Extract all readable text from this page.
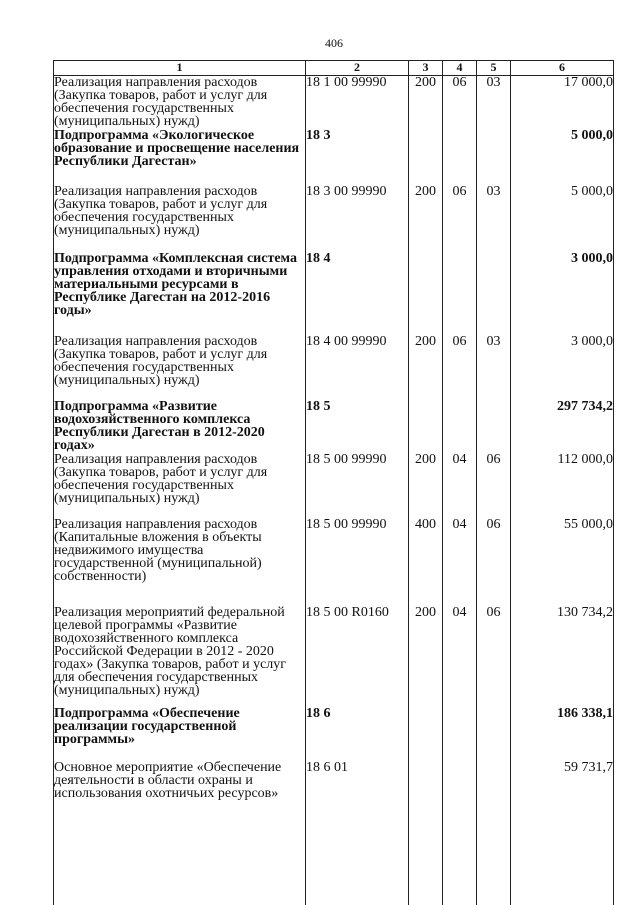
406
1	2	3	4	5	6
Реализация направления расходов (Закупка товаров, работ и услуг для обеспечения государственных (муниципальных) нужд)	18 1 00 99990	200	06	03	17 000,0
Подпрограмма «Экологическое образование и просвещение населения Республики Дагестан»	18 3				5 000,0
Реализация направления расходов (Закупка товаров, работ и услуг для обеспечения государственных (муниципальных) нужд)	18 3 00 99990	200	06	03	5 000,0
Подпрограмма «Комплексная система управления отходами и вторичными материальными ресурсами в Республике Дагестан на 2012-2016 годы»	18 4				3 000,0
Реализация направления расходов (Закупка товаров, работ и услуг для обеспечения государственных (муниципальных) нужд)	18 4 00 99990	200	06	03	3 000,0
Подпрограмма «Развитие водохозяйственного комплекса Республики Дагестан в 2012-2020 годах»	18 5				297 734,2
Реализация направления расходов (Закупка товаров, работ и услуг для обеспечения государственных (муниципальных) нужд)	18 5 00 99990	200	04	06	112 000,0
Реализация направления расходов (Капитальные вложения в объекты недвижимого имущества государственной (муниципальной) собственности)	18 5 00 99990	400	04	06	55 000,0
Реализация мероприятий федеральной целевой программы «Развитие водохозяйственного комплекса Российской Федерации в 2012 - 2020 годах» (Закупка товаров, работ и услуг для обеспечения государственных (муниципальных) нужд)	18 5 00 R0160	200	04	06	130 734,2
Подпрограмма «Обеспечение реализации государственной программы»	18 6				186 338,1
Основное мероприятие «Обеспечение деятельности в области охраны и использования охотничьих ресурсов»	18 6 01				59 731,7
